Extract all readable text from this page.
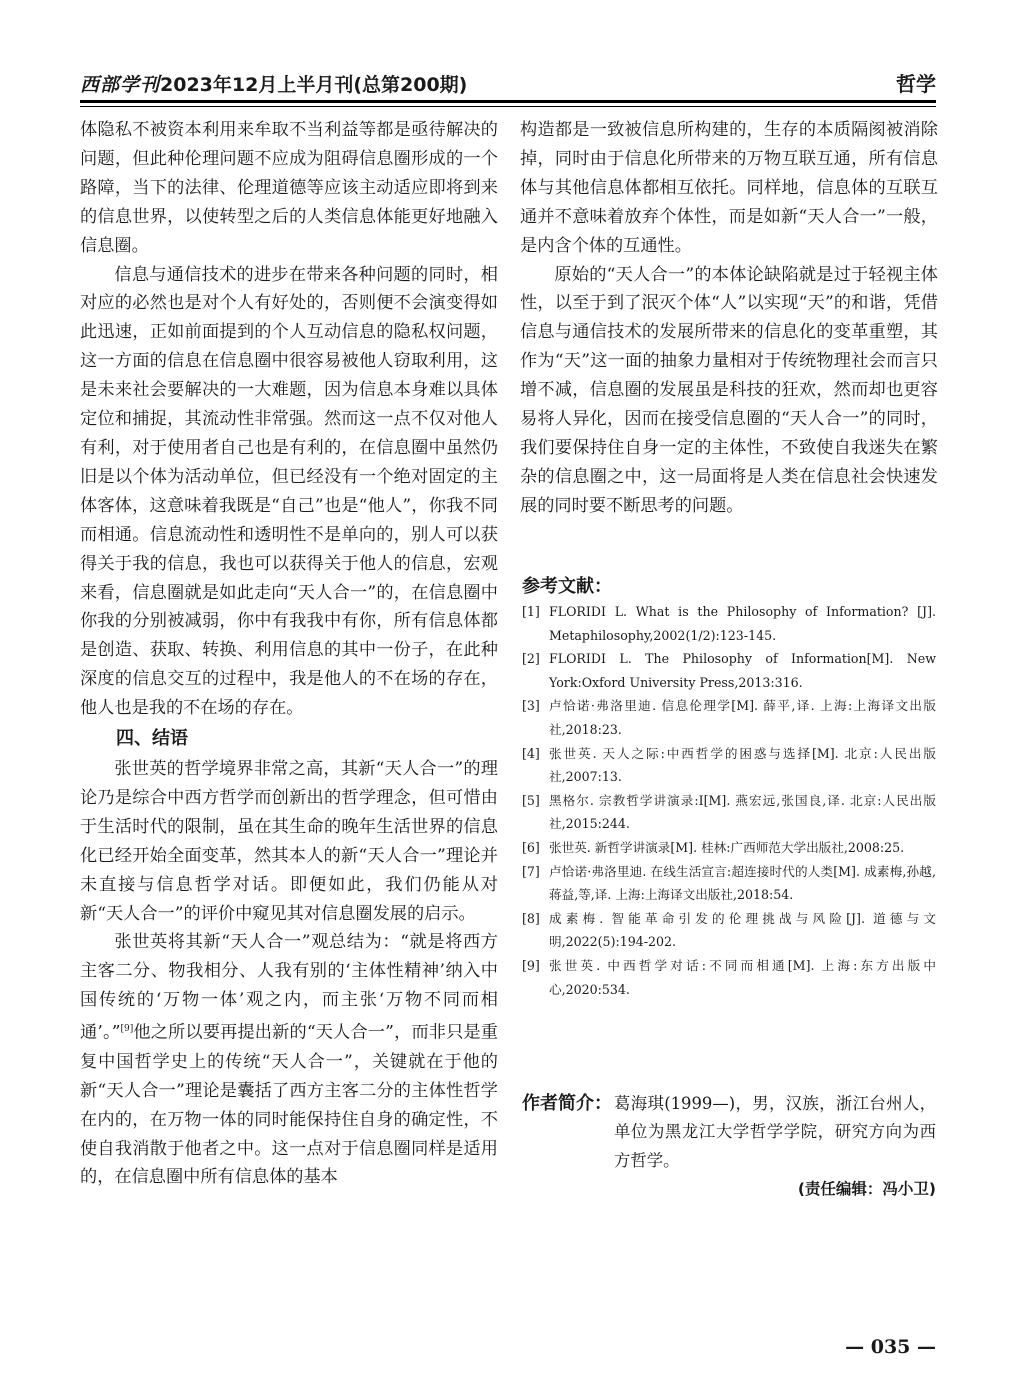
西部学刊2023年12月上半月刊(总第200期)	哲学

体隐私不被资本利用来牟取不当利益等都是亟待解决的问题，但此种伦理问题不应成为阻碍信息圈形成的一个路障，当下的法律、伦理道德等应该主动适应即将到来的信息世界，以使转型之后的人类信息体能更好地融入信息圈。

信息与通信技术的进步在带来各种问题的同时，相对应的必然也是对个人有好处的，否则便不会演变得如此迅速，正如前面提到的个人互动信息的隐私权问题，这一方面的信息在信息圈中很容易被他人窃取利用，这是未来社会要解决的一大难题，因为信息本身难以具体定位和捕捉，其流动性非常强。然而这一点不仅对他人有利，对于使用者自己也是有利的，在信息圈中虽然仍旧是以个体为活动单位，但已经没有一个绝对固定的主体客体，这意味着我既是“自己”也是“他人”，你我不同而相通。信息流动性和透明性不是单向的，别人可以获得关于我的信息，我也可以获得关于他人的信息，宏观来看，信息圈就是如此走向“天人合一”的，在信息圈中你我的分别被减弱，你中有我我中有你，所有信息体都是创造、获取、转换、利用信息的其中一份子，在此种深度的信息交互的过程中，我是他人的不在场的存在，他人也是我的不在场的存在。

四、结语

张世英的哲学境界非常之高，其新“天人合一”的理论乃是综合中西方哲学而创新出的哲学理念，但可惜由于生活时代的限制，虽在其生命的晚年生活世界的信息化已经开始全面变革，然其本人的新“天人合一”理论并未直接与信息哲学对话。即便如此，我们仍能从对新“天人合一”的评价中窥见其对信息圈发展的启示。

张世英将其新“天人合一”观总结为：“就是将西方主客二分、物我相分、人我有别的‘主体性精神’纳入中国传统的‘万物一体’观之内，而主张‘万物不同而相通’。”[9]他之所以要再提出新的“天人合一”，而非只是重复中国哲学史上的传统“天人合一”，关键就在于他的新“天人合一”理论是囊括了西方主客二分的主体性哲学在内的，在万物一体的同时能保持住自身的确定性，不使自我消散于他者之中。这一点对于信息圈同样是适用的，在信息圈中所有信息体的基本

构造都是一致被信息所构建的，生存的本质隔阂被消除掉，同时由于信息化所带来的万物互联互通，所有信息体与其他信息体都相互依托。同样地，信息体的互联互通并不意味着放弃个体性，而是如新“天人合一”一般，是内含个体的互通性。

原始的“天人合一”的本体论缺陷就是过于轻视主体性，以至于到了泯灭个体“人”以实现“天”的和谐，凭借信息与通信技术的发展所带来的信息化的变革重塑，其作为“天”这一面的抽象力量相对于传统物理社会而言只增不减，信息圈的发展虽是科技的狂欢，然而却也更容易将人异化，因而在接受信息圈的“天人合一”的同时，我们要保持住自身一定的主体性，不致使自我迷失在繁杂的信息圈之中，这一局面将是人类在信息社会快速发展的同时要不断思考的问题。

参考文献：
[1] FLORIDI L. What is the Philosophy of Information? [J]. Metaphilosophy,2002(1/2):123-145.
[2] FLORIDI L. The Philosophy of Information[M]. New York:Oxford University Press,2013:316.
[3] 卢恰诺·弗洛里迪. 信息伦理学[M]. 薛平,译. 上海:上海译文出版社,2018:23.
[4] 张世英. 天人之际:中西哲学的困惑与选择[M]. 北京:人民出版社,2007:13.
[5] 黑格尔. 宗教哲学讲演录:I[M]. 燕宏远,张国良,译. 北京:人民出版社,2015:244.
[6] 张世英. 新哲学讲演录[M]. 桂林:广西师范大学出版社,2008:25.
[7] 卢恰诺·弗洛里迪. 在线生活宣言:超连接时代的人类[M]. 成素梅,孙越,蒋益,等,译. 上海:上海译文出版社,2018:54.
[8] 成素梅. 智能革命引发的伦理挑战与风险[J]. 道德与文明,2022(5):194-202.
[9] 张世英. 中西哲学对话:不同而相通[M]. 上海:东方出版中心,2020:534.
作者简介： 葛海琪(1999—)，男，汉族，浙江台州人，单位为黑龙江大学哲学学院，研究方向为西方哲学。
(责任编辑：冯小卫)
— 035 —
